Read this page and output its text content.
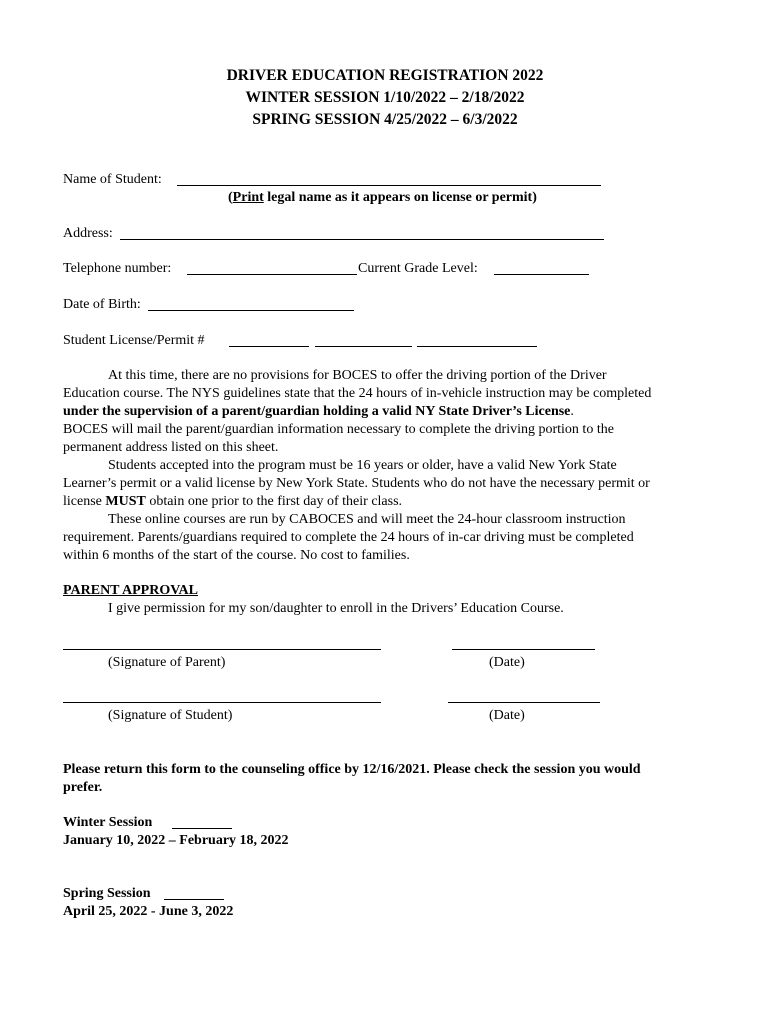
DRIVER EDUCATION REGISTRATION 2022
WINTER SESSION 1/10/2022 – 2/18/2022
SPRING SESSION 4/25/2022 – 6/3/2022
Name of Student:
(Print legal name as it appears on license or permit)
Address:
Telephone number:	Current Grade Level:
Date of Birth:
Student License/Permit #
At this time, there are no provisions for BOCES to offer the driving portion of the Driver
Education course. The NYS guidelines state that the 24 hours of in-vehicle instruction may be completed
under the supervision of a parent/guardian holding a valid NY State Driver’s License.
BOCES will mail the parent/guardian information necessary to complete the driving portion to the
permanent address listed on this sheet.
Students accepted into the program must be 16 years or older, have a valid New York State
Learner’s permit or a valid license by New York State. Students who do not have the necessary permit or
license MUST obtain one prior to the first day of their class.
These online courses are run by CABOCES and will meet the 24-hour classroom instruction
requirement. Parents/guardians required to complete the 24 hours of in-car driving must be completed
within 6 months of the start of the course. No cost to families.
PARENT APPROVAL
I give permission for my son/daughter to enroll in the Drivers’ Education Course.
(Signature of Parent)	(Date)
(Signature of Student)	(Date)
Please return this form to the counseling office by 12/16/2021. Please check the session you would
prefer.
Winter Session
January 10, 2022 – February 18, 2022
Spring Session
April 25, 2022 - June 3, 2022
